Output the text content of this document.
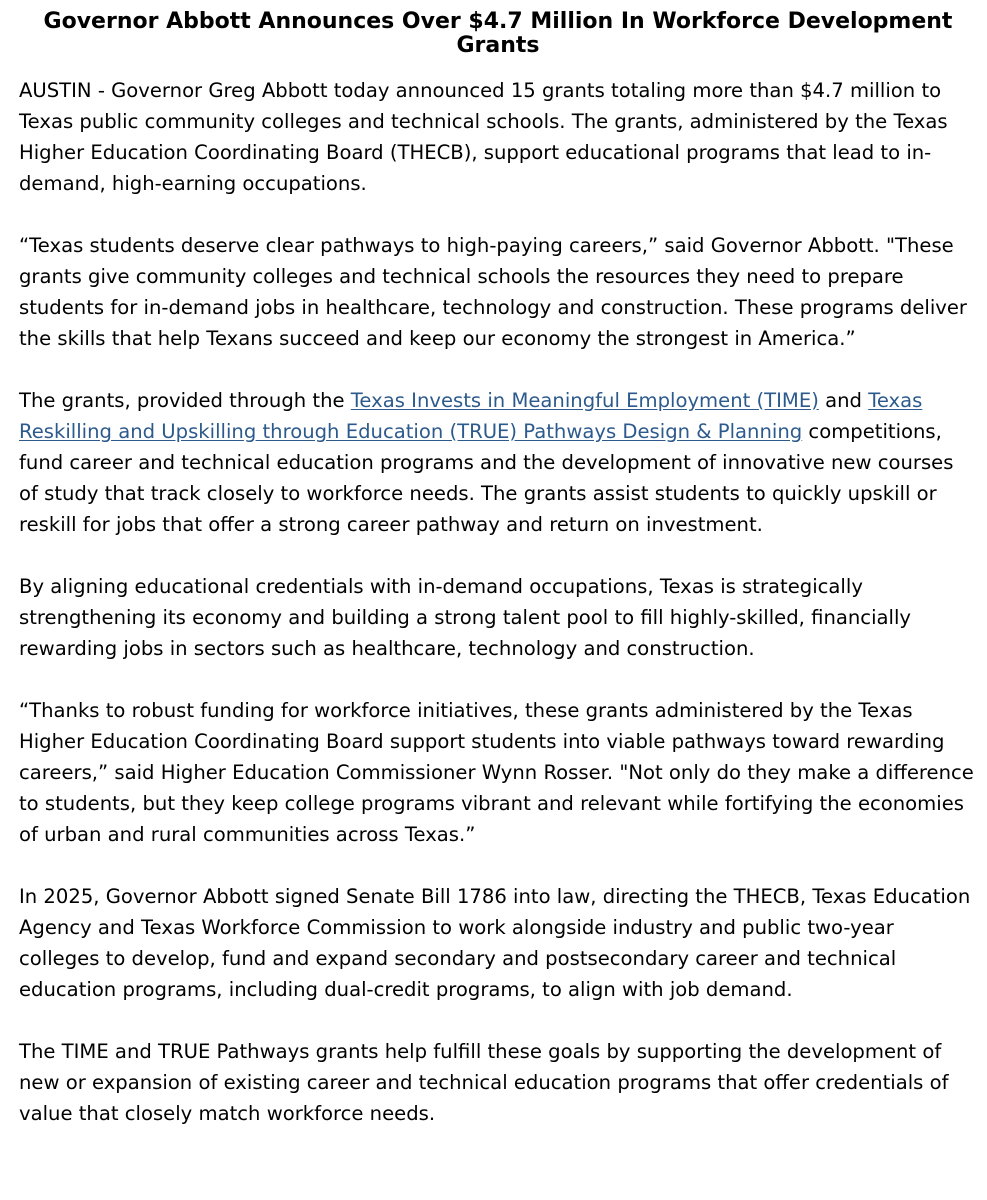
Governor Abbott Announces Over $4.7 Million In Workforce Development Grants

AUSTIN - Governor Greg Abbott today announced 15 grants totaling more than $4.7 million to Texas public community colleges and technical schools. The grants, administered by the Texas Higher Education Coordinating Board (THECB), support educational programs that lead to in-demand, high-earning occupations.

“Texas students deserve clear pathways to high-paying careers,” said Governor Abbott. "These grants give community colleges and technical schools the resources they need to prepare students for in-demand jobs in healthcare, technology and construction. These programs deliver the skills that help Texans succeed and keep our economy the strongest in America.”

The grants, provided through the Texas Invests in Meaningful Employment (TIME) and Texas Reskilling and Upskilling through Education (TRUE) Pathways Design & Planning competitions, fund career and technical education programs and the development of innovative new courses of study that track closely to workforce needs. The grants assist students to quickly upskill or reskill for jobs that offer a strong career pathway and return on investment.

By aligning educational credentials with in-demand occupations, Texas is strategically strengthening its economy and building a strong talent pool to fill highly-skilled, financially rewarding jobs in sectors such as healthcare, technology and construction.

“Thanks to robust funding for workforce initiatives, these grants administered by the Texas Higher Education Coordinating Board support students into viable pathways toward rewarding careers,” said Higher Education Commissioner Wynn Rosser. "Not only do they make a difference to students, but they keep college programs vibrant and relevant while fortifying the economies of urban and rural communities across Texas.”

In 2025, Governor Abbott signed Senate Bill 1786 into law, directing the THECB, Texas Education Agency and Texas Workforce Commission to work alongside industry and public two-year colleges to develop, fund and expand secondary and postsecondary career and technical education programs, including dual-credit programs, to align with job demand.

The TIME and TRUE Pathways grants help fulfill these goals by supporting the development of new or expansion of existing career and technical education programs that offer credentials of value that closely match workforce needs.
